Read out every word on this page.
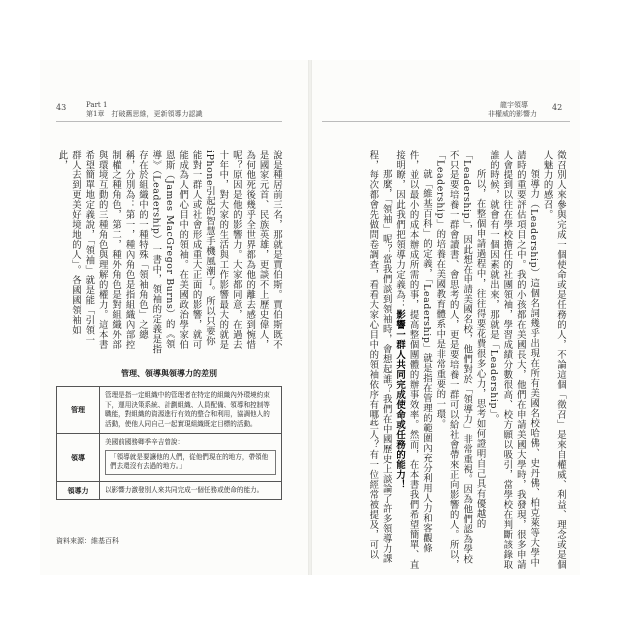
43	Part 1
第1章　打破舊思維，更新領導力認識
龍宇領導
非權威的影響力
42

說是種居前三名，那就是賈伯斯。賈伯斯既不是國家元首、民族英雄，更談不上歷史偉人，為何他死後幾乎全世界都為他的離去感到惋惜呢？原因是他的影響力。大家都同意，在過去十年中，對大家的生活與工作影響最大的就是iPhone引起的智慧手機風潮了。所以只要你能對一群人或社會形成重大正面的影響，就可能成為人們心目中的領袖。在美國政治學家伯恩斯（James MacGregor Burns）的《領導》（Leadership）一書中，領袖的定義是指存在於組織中的一種特殊「領袖角色」之總稱，分別為：第一，種內角色是指組織內部控制權之種角色，第二，種外角色是對組織外部與環境互動的三種角色與理解的權力。這本書希望簡單地定義說，「領袖」就是能「引領一群人去到更美好境地的人」。各國國領袖如此，

管理、領導與領導力的差別
管理	管理是指一定組織中的管理者在特定的組織內外環境約束下，運用決策系統、計劃組織、人員配備、領導和控制等職能，對組織的資源進行有效的整合和利用，協調他人的活動，使他人同自己一起實現組織既定目標的活動。
領導	美國前國務卿季辛吉曾說：
「領導就是要讓他的人們，從他們現在的地方，帶領他們去還沒有去過的地方。」

領導力	以影響力激發別人來共同完成一個任務或使命的能力。
資料來源：維基百科	徵召別人來參與完成一個使命或是任務的人，不論這個「徵召」是來自權威、利益、理念或是個人魅力的感召。

領導力（Leadership）這個名詞幾乎出現在所有美國名校哈佛、史丹佛、柏克萊等大學中請時的重要評估項目之中。我的小孩都在美國長大，他們在申請美國大學時，我發現，很多申請人會提到以往在學校擔任的社團領袖，學習成績分數很高、校方願以吸引，當學校在判斷該錄取誰的時候，就會有一個因素就出來，那就是「Leadership」。

所以，在整個申請過程中，往往得要花費很多心力，思考如何證明自己具有優越的「Leadership」，因此想在申請美國名校，他們對於「領導力」非常重視。因為他們認為學校不只是要培養一群會讀書、會思考的人，更是要培養一群可以給社會帶來正向影響的人。所以，「Leadership」的培養在美國教育體系中是非常重要的一環。

就「維基百科」的定義，「Leadership」就是指在管理的範圍內充分利用人力和客觀條件，並以最小的成本辦成所需的事，提高整個團體的辦事效率。然而，在本書我們希望簡單、直接明瞭，因此我們把領導力定義為：影響一群人共同完成使命或任務的能力！

那麼，「領袖」呢？當我們談到領袖時，會想起誰？我們在中國歷史上談論了許多領導力課程，每次都會先做問卷調查，看看大家心目中的領袖依序有哪些人？有一位經常被提及，可以
